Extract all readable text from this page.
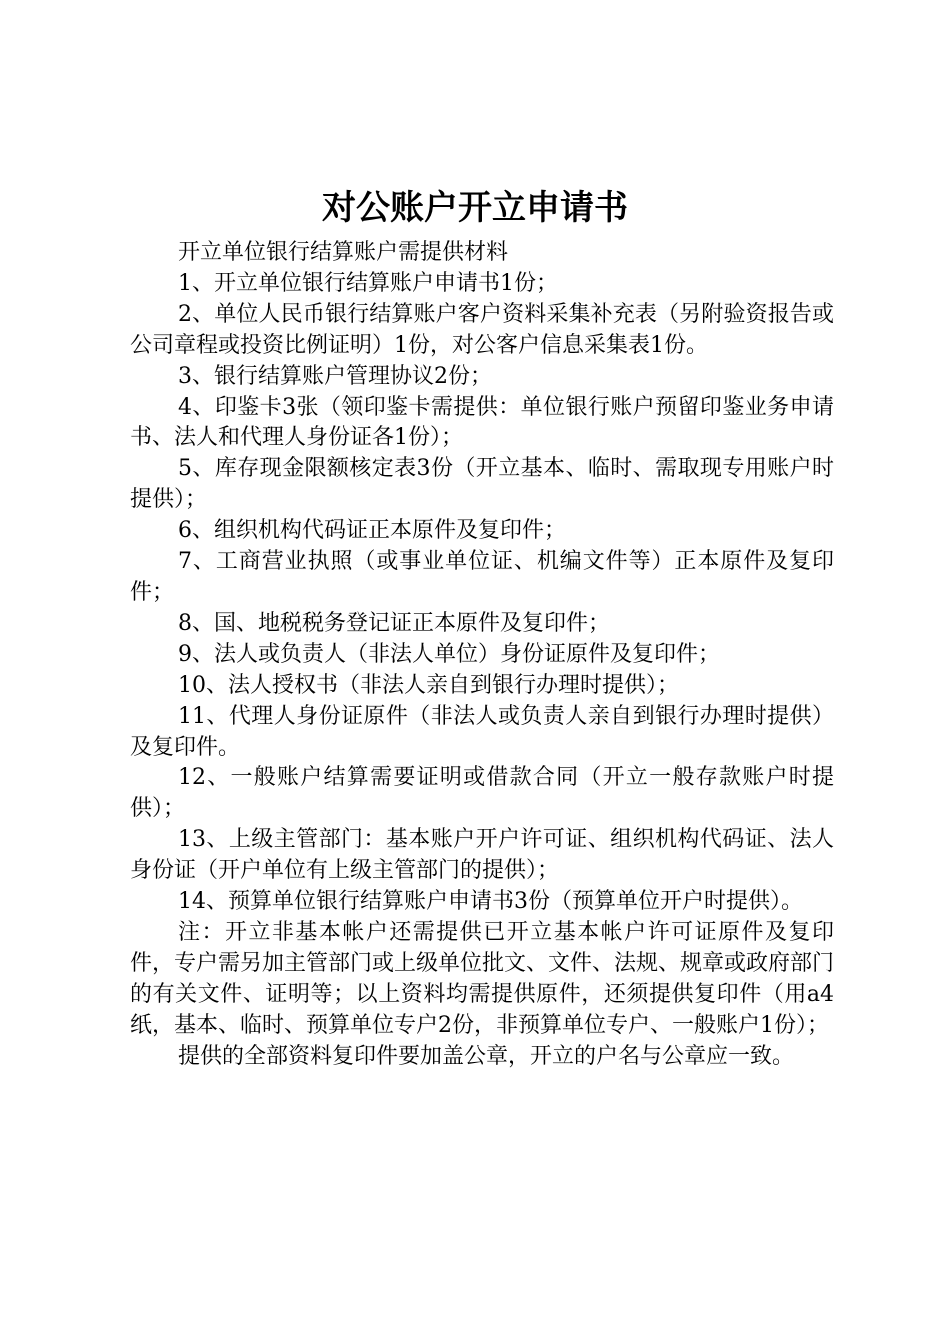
对公账户开立申请书

开立单位银行结算账户需提供材料

1、开立单位银行结算账户申请书1份；

2、单位人民币银行结算账户客户资料采集补充表（另附验资报告或公司章程或投资比例证明）1份，对公客户信息采集表1份。

3、银行结算账户管理协议2份；

4、印鉴卡3张（领印鉴卡需提供：单位银行账户预留印鉴业务申请书、法人和代理人身份证各1份）；

5、库存现金限额核定表3份（开立基本、临时、需取现专用账户时提供）；

6、组织机构代码证正本原件及复印件；

7、工商营业执照（或事业单位证、机编文件等）正本原件及复印件；

8、国、地税税务登记证正本原件及复印件；

9、法人或负责人（非法人单位）身份证原件及复印件；

10、法人授权书（非法人亲自到银行办理时提供）；

11、代理人身份证原件（非法人或负责人亲自到银行办理时提供）及复印件。

12、一般账户结算需要证明或借款合同（开立一般存款账户时提供）；

13、上级主管部门：基本账户开户许可证、组织机构代码证、法人身份证（开户单位有上级主管部门的提供）；

14、预算单位银行结算账户申请书3份（预算单位开户时提供）。

注：开立非基本帐户还需提供已开立基本帐户许可证原件及复印件，专户需另加主管部门或上级单位批文、文件、法规、规章或政府部门的有关文件、证明等；以上资料均需提供原件，还须提供复印件（用a4纸，基本、临时、预算单位专户2份，非预算单位专户、一般账户1份）；

提供的全部资料复印件要加盖公章，开立的户名与公章应一致。
